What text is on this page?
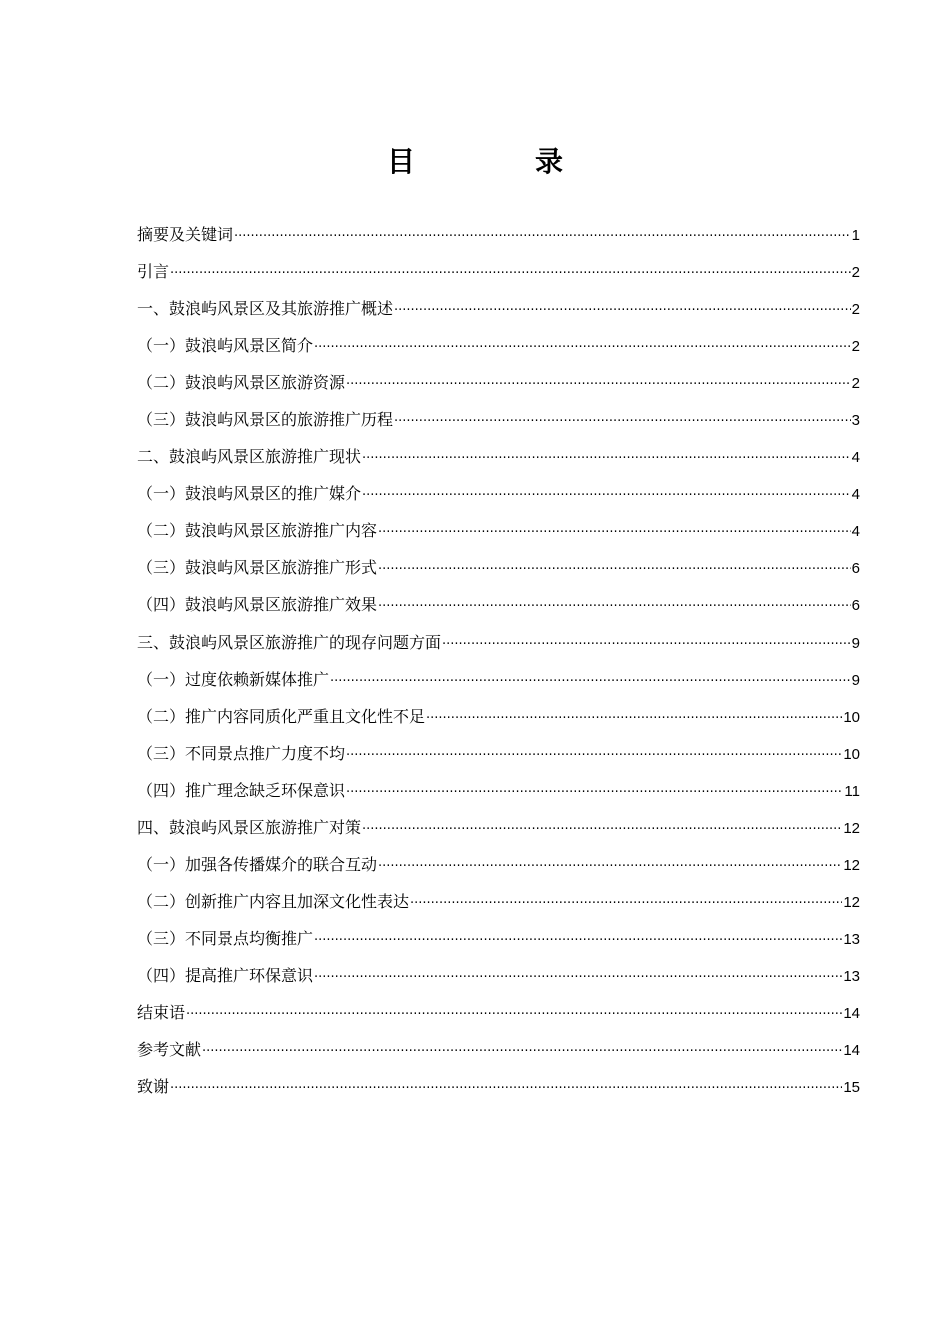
目　录
摘要及关键词 ·····	1
引言 ·····	2
一、鼓浪屿风景区及其旅游推广概述 ·····	2
（一）鼓浪屿风景区简介 ·····	2
（二）鼓浪屿风景区旅游资源 ·····	2
（三）鼓浪屿风景区的旅游推广历程 ·····	3
二、鼓浪屿风景区旅游推广现状 ·····	4
（一）鼓浪屿风景区的推广媒介 ·····	4
（二）鼓浪屿风景区旅游推广内容 ·····	4
（三）鼓浪屿风景区旅游推广形式 ·····	6
（四）鼓浪屿风景区旅游推广效果 ·····	6
三、鼓浪屿风景区旅游推广的现存问题方面 ·····	9
（一）过度依赖新媒体推广 ·····	9
（二）推广内容同质化严重且文化性不足 ·····	10
（三）不同景点推广力度不均 ·····	10
（四）推广理念缺乏环保意识 ·····	11
四、鼓浪屿风景区旅游推广对策 ·····	12
（一）加强各传播媒介的联合互动 ·····	12
（二）创新推广内容且加深文化性表达 ·····	12
（三）不同景点均衡推广 ·····	13
（四）提高推广环保意识 ·····	13
结束语 ·····	14
参考文献 ·····	14
致谢 ·····	15
